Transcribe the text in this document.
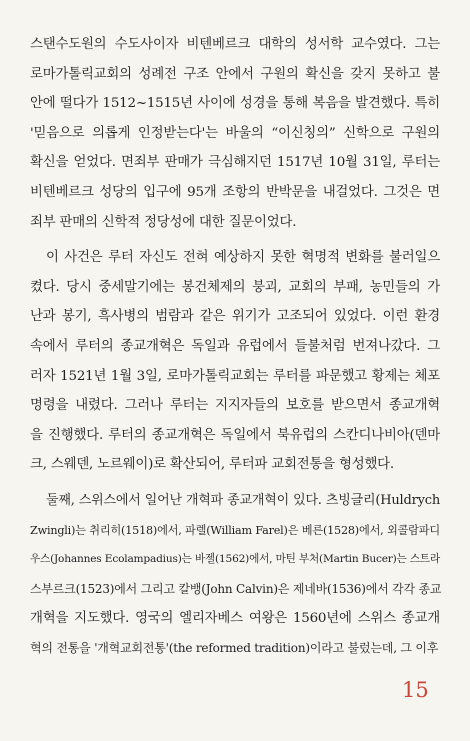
스탠수도원의 수도사이자 비텐베르크 대학의 성서학 교수였다. 그는
로마가톨릭교회의 성례전 구조 안에서 구원의 확신을 갖지 못하고 불
안에 떨다가 1512~1515년 사이에 성경을 통해 복음을 발견했다. 특히
'믿음으로 의롭게 인정받는다'는 바울의 “이신칭의” 신학으로 구원의
확신을 얻었다. 면죄부 판매가 극심해지던 1517년 10월 31일, 루터는
비텐베르크 성당의 입구에 95개 조항의 반박문을 내걸었다. 그것은 면
죄부 판매의 신학적 정당성에 대한 질문이었다.
이 사건은 루터 자신도 전혀 예상하지 못한 혁명적 변화를 불러일으
켰다. 당시 중세말기에는 봉건체제의 붕괴, 교회의 부패, 농민들의 가
난과 봉기, 흑사병의 범람과 같은 위기가 고조되어 있었다. 이런 환경
속에서 루터의 종교개혁은 독일과 유럽에서 들불처럼 번져나갔다. 그
러자 1521년 1월 3일, 로마가톨릭교회는 루터를 파문했고 황제는 체포
명령을 내렸다. 그러나 루터는 지지자들의 보호를 받으면서 종교개혁
을 진행했다. 루터의 종교개혁은 독일에서 북유럽의 스칸디나비아(덴마
크, 스웨덴, 노르웨이)로 확산되어, 루터파 교회전통을 형성했다.
둘째, 스위스에서 일어난 개혁파 종교개혁이 있다. 츠빙글리(Huldrych
Zwingli)는 취리히(1518)에서, 파렐(William Farel)은 베른(1528)에서, 외콜람파디
우스(Johannes Ecolampadius)는 바젤(1562)에서, 마틴 부처(Martin Bucer)는 스트라
스부르크(1523)에서 그리고 칼뱅(John Calvin)은 제네바(1536)에서 각각 종교
개혁을 지도했다. 영국의 엘리자베스 여왕은 1560년에 스위스 종교개
혁의 전통을 '개혁교회전통'(the reformed tradition)이라고 불렀는데, 그 이후
15
